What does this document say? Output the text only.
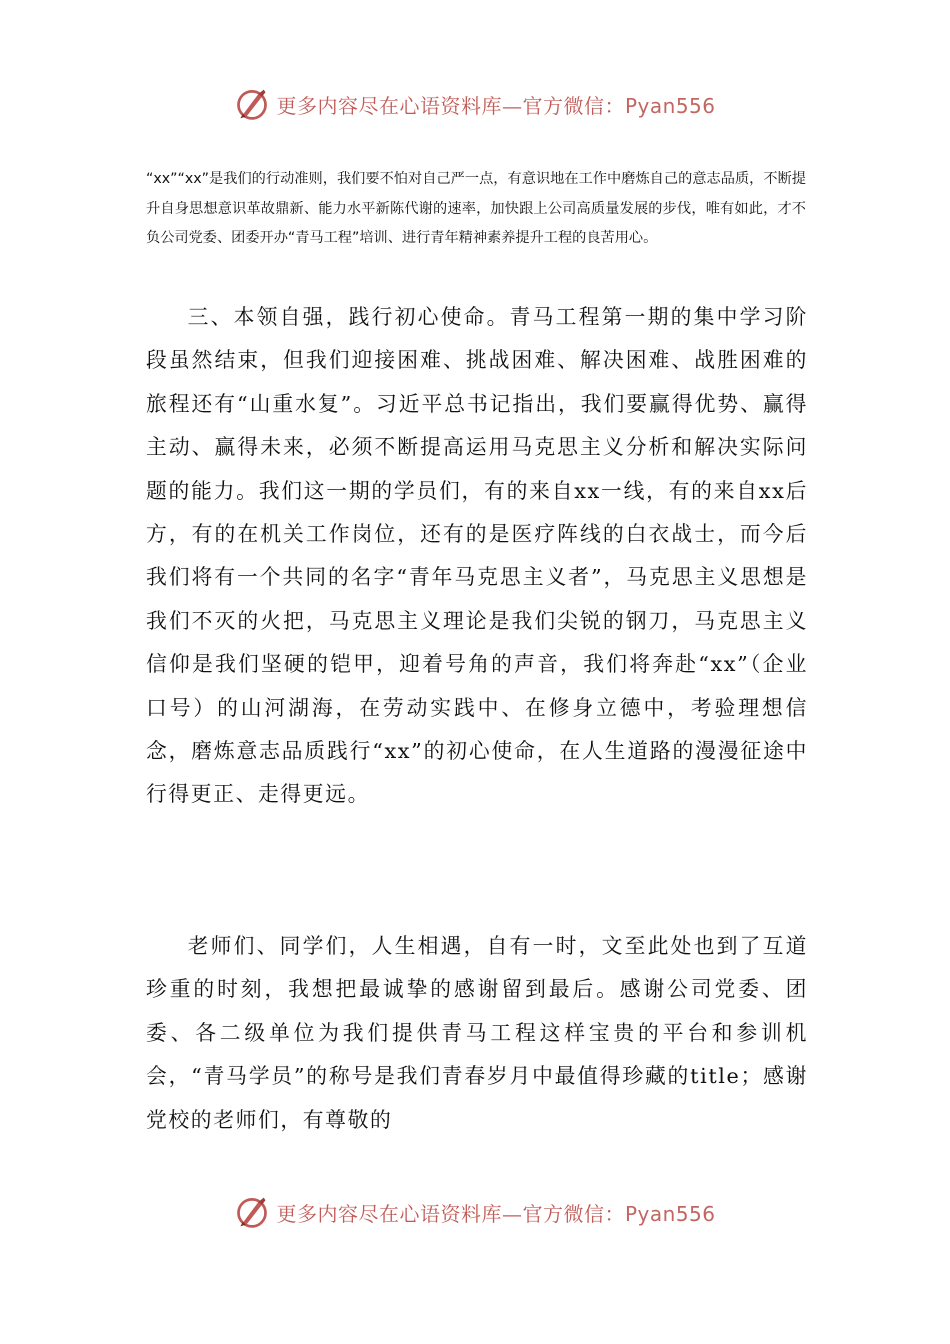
更多内容尽在心语资料库—官方微信：Pyan556

“xx”“xx”是我们的行动准则，我们要不怕对自己严一点，有意识地在工作中磨炼自己的意志品质，不断提升自身思想意识革故鼎新、能力水平新陈代谢的速率，加快跟上公司高质量发展的步伐，唯有如此，才不负公司党委、团委开办“青马工程”培训、进行青年精神素养提升工程的良苦用心。

三、本领自强，践行初心使命。青马工程第一期的集中学习阶段虽然结束，但我们迎接困难、挑战困难、解决困难、战胜困难的旅程还有“山重水复”。习近平总书记指出，我们要赢得优势、赢得主动、赢得未来，必须不断提高运用马克思主义分析和解决实际问题的能力。我们这一期的学员们，有的来自xx一线，有的来自xx后方，有的在机关工作岗位，还有的是医疗阵线的白衣战士，而今后我们将有一个共同的名字“青年马克思主义者”，马克思主义思想是我们不灭的火把，马克思主义理论是我们尖锐的钢刀，马克思主义信仰是我们坚硬的铠甲，迎着号角的声音，我们将奔赴“xx”（企业口号）的山河湖海，在劳动实践中、在修身立德中，考验理想信念，磨炼意志品质践行“xx”的初心使命，在人生道路的漫漫征途中行得更正、走得更远。

老师们、同学们，人生相遇，自有一时，文至此处也到了互道珍重的时刻，我想把最诚挚的感谢留到最后。感谢公司党委、团委、各二级单位为我们提供青马工程这样宝贵的平台和参训机会，“青马学员”的称号是我们青春岁月中最值得珍藏的title；感谢党校的老师们，有尊敬的

更多内容尽在心语资料库—官方微信：Pyan556
